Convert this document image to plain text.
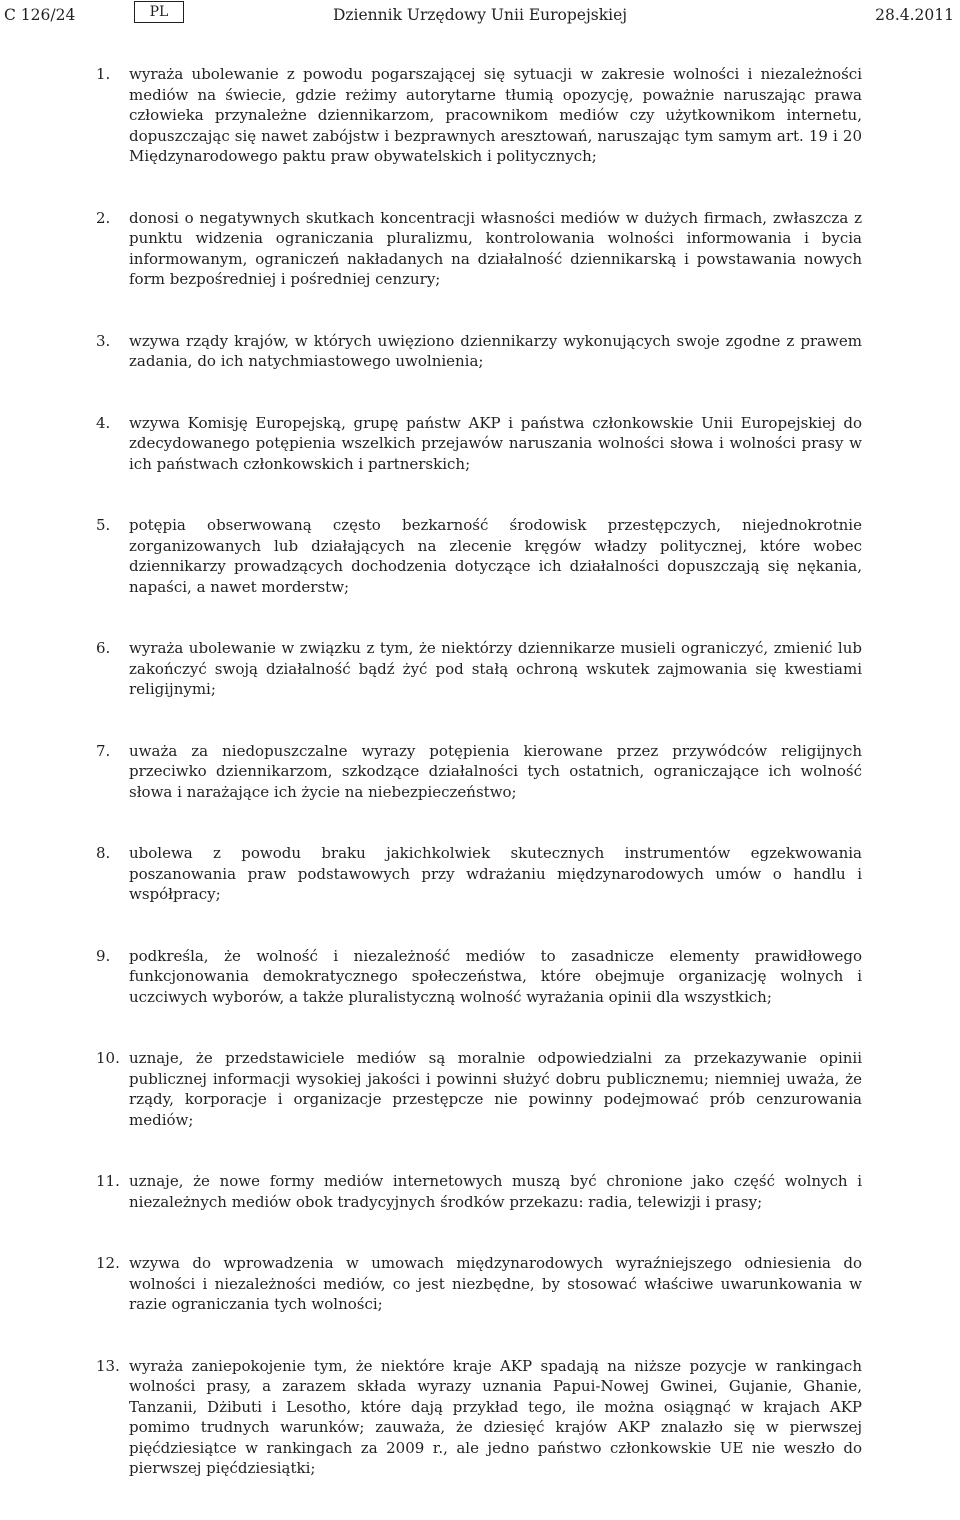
C 126/24	PL	Dziennik Urzędowy Unii Europejskiej	28.4.2011
1.	wyraża ubolewanie z powodu pogarszającej się sytuacji w zakresie wolności i niezależności mediów na świecie, gdzie reżimy autorytarne tłumią opozycję, poważnie naruszając prawa człowieka przynależne dziennikarzom, pracownikom mediów czy użytkownikom internetu, dopuszczając się nawet zabójstw i bezprawnych aresztowań, naruszając tym samym art. 19 i 20 Międzynarodowego paktu praw obywatelskich i politycznych;
2.	donosi o negatywnych skutkach koncentracji własności mediów w dużych firmach, zwłaszcza z punktu widzenia ograniczania pluralizmu, kontrolowania wolności informowania i bycia informowanym, ograniczeń nakładanych na działalność dziennikarską i powstawania nowych form bezpośredniej i pośredniej cenzury;
3.	wzywa rządy krajów, w których uwięziono dziennikarzy wykonujących swoje zgodne z prawem zadania, do ich natychmiastowego uwolnienia;
4.	wzywa Komisję Europejską, grupę państw AKP i państwa członkowskie Unii Europejskiej do zdecydowanego potępienia wszelkich przejawów naruszania wolności słowa i wolności prasy w ich państwach członkowskich i partnerskich;
5.	potępia obserwowaną często bezkarność środowisk przestępczych, niejednokrotnie zorganizowanych lub działających na zlecenie kręgów władzy politycznej, które wobec dziennikarzy prowadzących dochodzenia dotyczące ich działalności dopuszczają się nękania, napaści, a nawet morderstw;
6.	wyraża ubolewanie w związku z tym, że niektórzy dziennikarze musieli ograniczyć, zmienić lub zakończyć swoją działalność bądź żyć pod stałą ochroną wskutek zajmowania się kwestiami religijnymi;
7.	uważa za niedopuszczalne wyrazy potępienia kierowane przez przywódców religijnych przeciwko dziennikarzom, szkodzące działalności tych ostatnich, ograniczające ich wolność słowa i narażające ich życie na niebezpieczeństwo;
8.	ubolewa z powodu braku jakichkolwiek skutecznych instrumentów egzekwowania poszanowania praw podstawowych przy wdrażaniu międzynarodowych umów o handlu i współpracy;
9.	podkreśla, że wolność i niezależność mediów to zasadnicze elementy prawidłowego funkcjonowania demokratycznego społeczeństwa, które obejmuje organizację wolnych i uczciwych wyborów, a także pluralistyczną wolność wyrażania opinii dla wszystkich;
10. uznaje, że przedstawiciele mediów są moralnie odpowiedzialni za przekazywanie opinii publicznej informacji wysokiej jakości i powinni służyć dobru publicznemu; niemniej uważa, że rządy, korporacje i organizacje przestępcze nie powinny podejmować prób cenzurowania mediów;
11. uznaje, że nowe formy mediów internetowych muszą być chronione jako część wolnych i niezależnych mediów obok tradycyjnych środków przekazu: radia, telewizji i prasy;
12. wzywa do wprowadzenia w umowach międzynarodowych wyraźniejszego odniesienia do wolności i niezależności mediów, co jest niezbędne, by stosować właściwe uwarunkowania w razie ograniczania tych wolności;
13. wyraża zaniepokojenie tym, że niektóre kraje AKP spadają na niższe pozycje w rankingach wolności prasy, a zarazem składa wyrazy uznania Papui-Nowej Gwinei, Gujanie, Ghanie, Tanzanii, Dżibuti i Lesotho, które dają przykład tego, ile można osiągnąć w krajach AKP pomimo trudnych warunków; zauważa, że dziesięć krajów AKP znalazło się w pierwszej pięćdziesiątce w rankingach za 2009 r., ale jedno państwo członkowskie UE nie weszło do pierwszej pięćdziesiątki;
